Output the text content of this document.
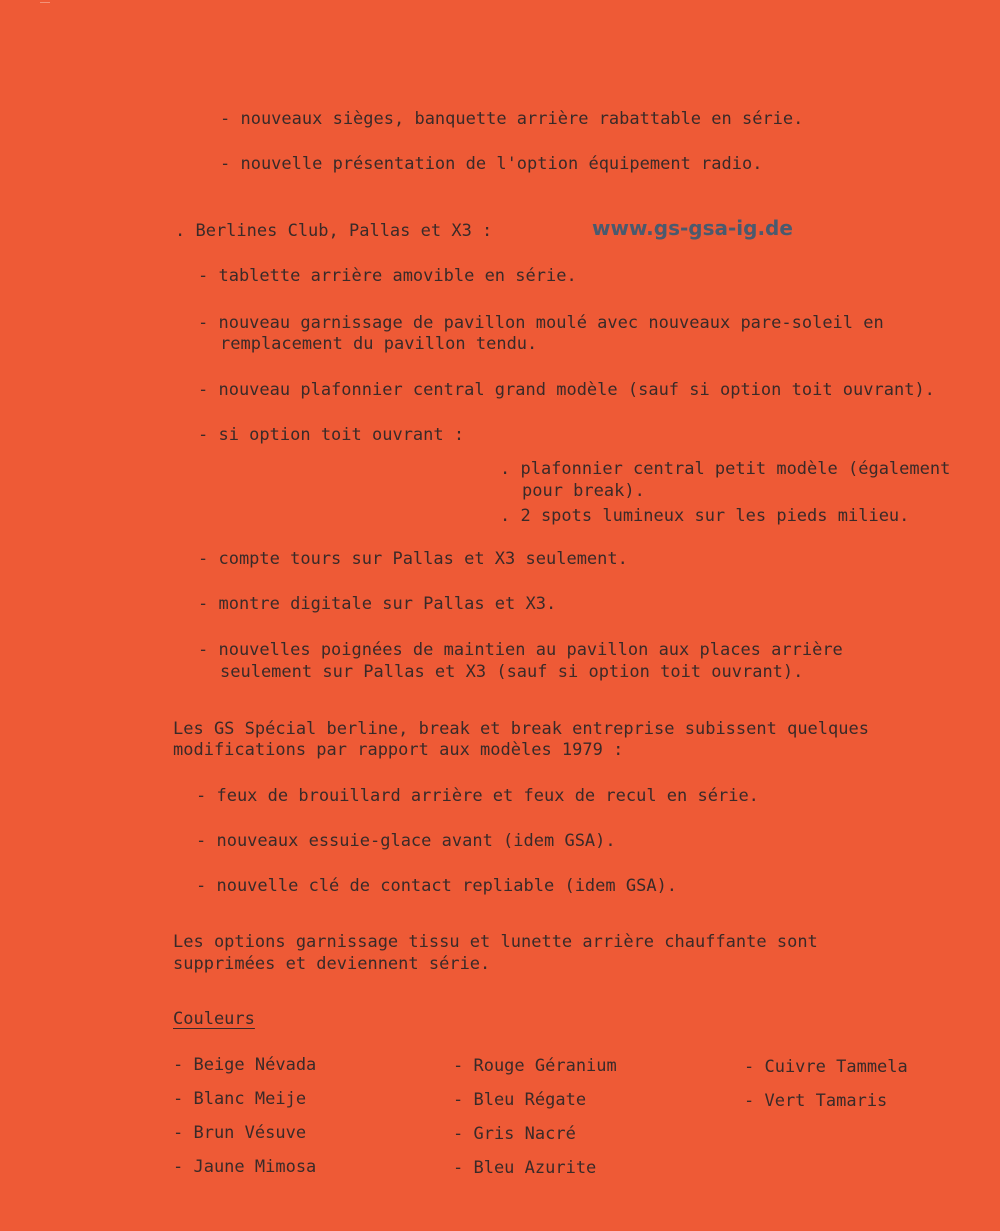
- nouveaux sièges, banquette arrière rabattable en série.
- nouvelle présentation de l'option équipement radio.
. Berlines Club, Pallas et X3 :	www.gs-gsa-ig.de
- tablette arrière amovible en série.
- nouveau garnissage de pavillon moulé avec nouveaux pare-soleil en
remplacement du pavillon tendu.
- nouveau plafonnier central grand modèle (sauf si option toit ouvrant).
- si option toit ouvrant :
. plafonnier central petit modèle (également
pour break).
. 2 spots lumineux sur les pieds milieu.
- compte tours sur Pallas et X3 seulement.
- montre digitale sur Pallas et X3.
- nouvelles poignées de maintien au pavillon aux places arrière
seulement sur Pallas et X3 (sauf si option toit ouvrant).
Les GS Spécial berline, break et break entreprise subissent quelques
modifications par rapport aux modèles 1979 :
- feux de brouillard arrière et feux de recul en série.
- nouveaux essuie-glace avant (idem GSA).
- nouvelle clé de contact repliable (idem GSA).
Les options garnissage tissu et lunette arrière chauffante sont
supprimées et deviennent série.
Couleurs
- Beige Névada
- Blanc Meije
- Brun Vésuve
- Jaune Mimosa
- Rouge Géranium
- Bleu Régate
- Gris Nacré
- Bleu Azurite
- Cuivre Tammela
- Vert Tamaris
